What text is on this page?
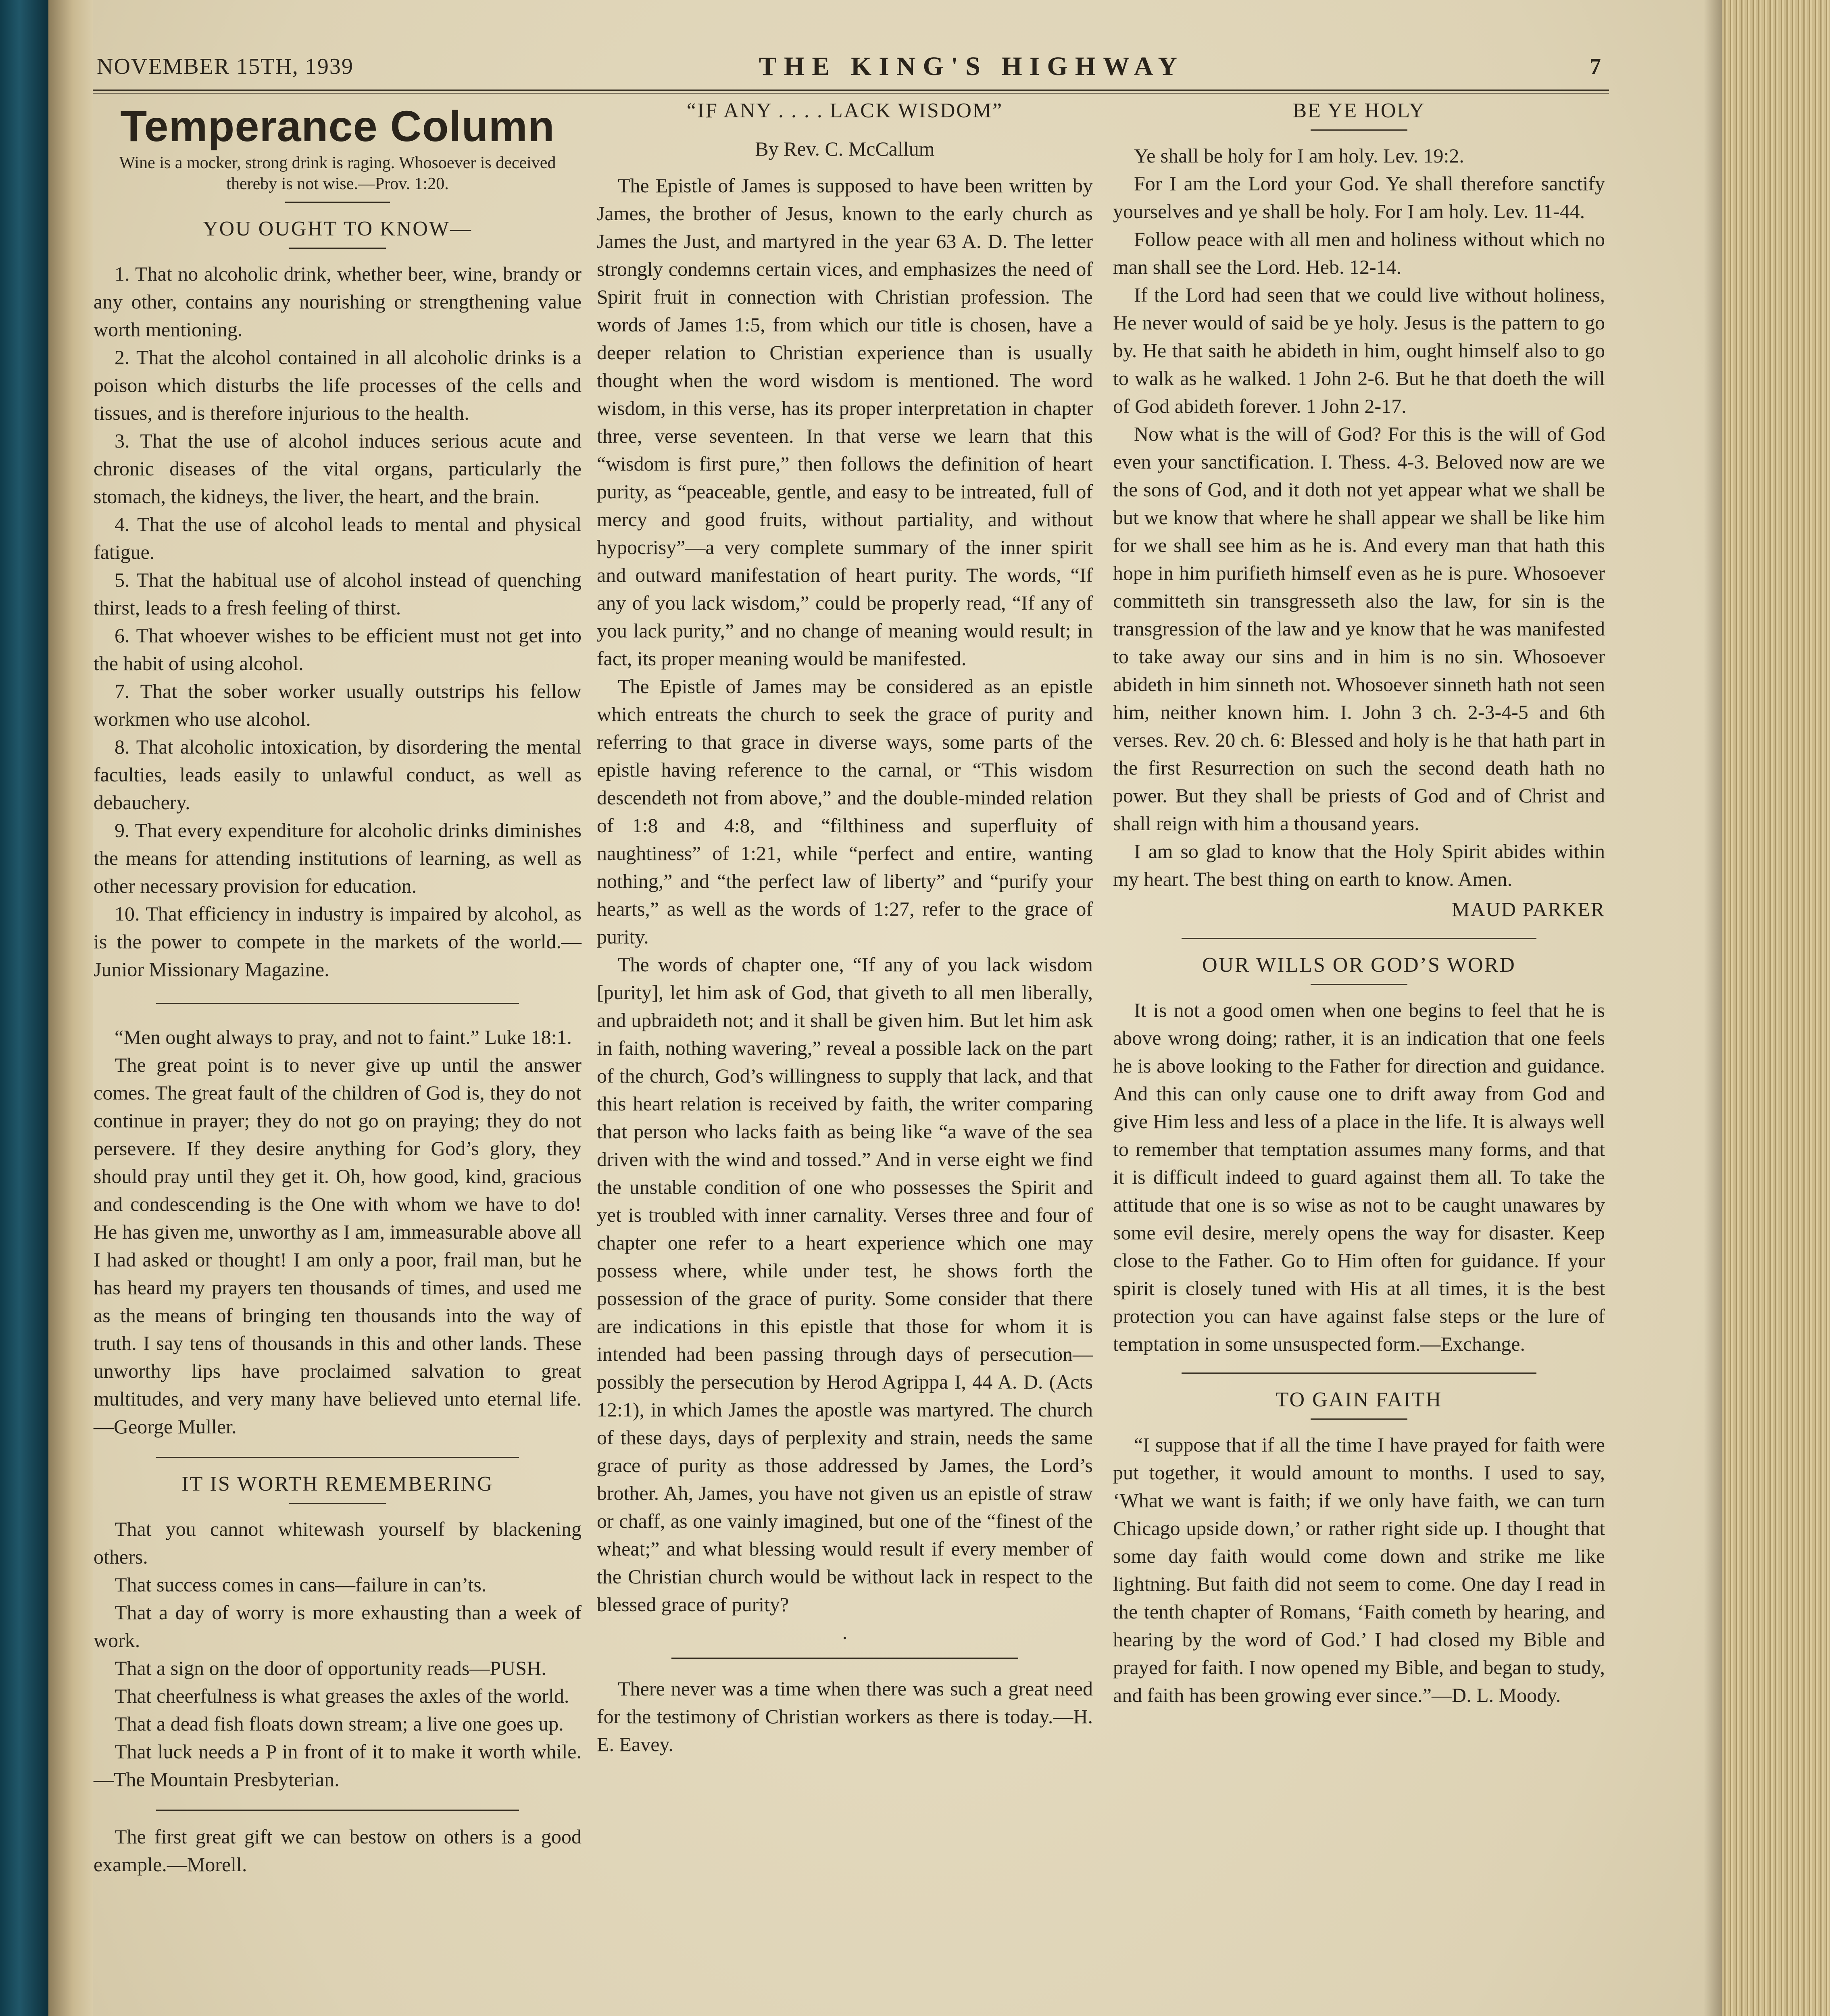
NOVEMBER 15TH, 1939	THE KING'S HIGHWAY	7
Temperance Column
Wine is a mocker, strong drink is raging. Whosoever is deceived thereby is not wise.—Prov. 1:20.
YOU OUGHT TO KNOW—

1. That no alcoholic drink, whether beer, wine, brandy or any other, contains any nourishing or strengthening value worth mentioning.

2. That the alcohol contained in all alcoholic drinks is a poison which disturbs the life processes of the cells and tissues, and is therefore injurious to the health.

3. That the use of alcohol induces serious acute and chronic diseases of the vital organs, particularly the stomach, the kidneys, the liver, the heart, and the brain.

4. That the use of alcohol leads to mental and physical fatigue.

5. That the habitual use of alcohol instead of quenching thirst, leads to a fresh feeling of thirst.

6. That whoever wishes to be efficient must not get into the habit of using alcohol.

7. That the sober worker usually outstrips his fellow workmen who use alcohol.

8. That alcoholic intoxication, by disordering the mental faculties, leads easily to unlawful conduct, as well as debauchery.

9. That every expenditure for alcoholic drinks diminishes the means for attending institutions of learning, as well as other necessary provision for education.

10. That efficiency in industry is impaired by alcohol, as is the power to compete in the markets of the world.—Junior Missionary Magazine.

“Men ought always to pray, and not to faint.” Luke 18:1.

The great point is to never give up until the answer comes. The great fault of the children of God is, they do not continue in prayer; they do not go on praying; they do not persevere. If they desire anything for God’s glory, they should pray until they get it. Oh, how good, kind, gracious and condescending is the One with whom we have to do! He has given me, unworthy as I am, immeasurable above all I had asked or thought! I am only a poor, frail man, but he has heard my prayers ten thousands of times, and used me as the means of bringing ten thousands into the way of truth. I say tens of thousands in this and other lands. These unworthy lips have proclaimed salvation to great multitudes, and very many have believed unto eternal life.—George Muller.

IT IS WORTH REMEMBERING

That you cannot whitewash yourself by blackening others.

That success comes in cans—failure in can’ts.

That a day of worry is more exhausting than a week of work.

That a sign on the door of opportunity reads—PUSH.

That cheerfulness is what greases the axles of the world.

That a dead fish floats down stream; a live one goes up.

That luck needs a P in front of it to make it worth while.—The Mountain Presbyterian.

The first great gift we can bestow on others is a good example.—Morell.

“IF ANY . . . . LACK WISDOM”
By Rev. C. McCallum

The Epistle of James is supposed to have been written by James, the brother of Jesus, known to the early church as James the Just, and martyred in the year 63 A. D. The letter strongly condemns certain vices, and emphasizes the need of Spirit fruit in connection with Christian profession. The words of James 1:5, from which our title is chosen, have a deeper relation to Christian experience than is usually thought when the word wisdom is mentioned. The word wisdom, in this verse, has its proper interpretation in chapter three, verse seventeen. In that verse we learn that this “wisdom is first pure,” then follows the definition of heart purity, as “peaceable, gentle, and easy to be intreated, full of mercy and good fruits, without partiality, and without hypocrisy”—a very complete summary of the inner spirit and outward manifestation of heart purity. The words, “If any of you lack wisdom,” could be properly read, “If any of you lack purity,” and no change of meaning would result; in fact, its proper meaning would be manifested.

The Epistle of James may be considered as an epistle which entreats the church to seek the grace of purity and referring to that grace in diverse ways, some parts of the epistle having reference to the carnal, or “This wisdom descendeth not from above,” and the double-minded relation of 1:8 and 4:8, and “filthiness and superfluity of naughtiness” of 1:21, while “perfect and entire, wanting nothing,” and “the perfect law of liberty” and “purify your hearts,” as well as the words of 1:27, refer to the grace of purity.

The words of chapter one, “If any of you lack wisdom [purity], let him ask of God, that giveth to all men liberally, and upbraideth not; and it shall be given him. But let him ask in faith, nothing wavering,” reveal a possible lack on the part of the church, God’s willingness to supply that lack, and that this heart relation is received by faith, the writer comparing that person who lacks faith as being like “a wave of the sea driven with the wind and tossed.” And in verse eight we find the unstable condition of one who possesses the Spirit and yet is troubled with inner carnality. Verses three and four of chapter one refer to a heart experience which one may possess where, while under test, he shows forth the possession of the grace of purity. Some consider that there are indications in this epistle that those for whom it is intended had been passing through days of persecution—possibly the persecution by Herod Agrippa I, 44 A. D. (Acts 12:1), in which James the apostle was martyred. The church of these days, days of perplexity and strain, needs the same grace of purity as those addressed by James, the Lord’s brother. Ah, James, you have not given us an epistle of straw or chaff, as one vainly imagined, but one of the “finest of the wheat;” and what blessing would result if every member of the Christian church would be without lack in respect to the blessed grace of purity?

.

There never was a time when there was such a great need for the testimony of Christian workers as there is today.—H. E. Eavey.

BE YE HOLY

Ye shall be holy for I am holy. Lev. 19:2.

For I am the Lord your God. Ye shall therefore sanctify yourselves and ye shall be holy. For I am holy. Lev. 11-44.

Follow peace with all men and holiness without which no man shall see the Lord. Heb. 12-14.

If the Lord had seen that we could live without holiness, He never would of said be ye holy. Jesus is the pattern to go by. He that saith he abideth in him, ought himself also to go to walk as he walked. 1 John 2-6. But he that doeth the will of God abideth forever. 1 John 2-17.

Now what is the will of God? For this is the will of God even your sanctification. I. Thess. 4-3. Beloved now are we the sons of God, and it doth not yet appear what we shall be but we know that where he shall appear we shall be like him for we shall see him as he is. And every man that hath this hope in him purifieth himself even as he is pure. Whosoever committeth sin transgresseth also the law, for sin is the transgression of the law and ye know that he was manifested to take away our sins and in him is no sin. Whosoever abideth in him sinneth not. Whosoever sinneth hath not seen him, neither known him. I. John 3 ch. 2-3-4-5 and 6th verses. Rev. 20 ch. 6: Blessed and holy is he that hath part in the first Resurrection on such the second death hath no power. But they shall be priests of God and of Christ and shall reign with him a thousand years.

I am so glad to know that the Holy Spirit abides within my heart. The best thing on earth to know. Amen.

MAUD PARKER
OUR WILLS OR GOD’S WORD

It is not a good omen when one begins to feel that he is above wrong doing; rather, it is an indication that one feels he is above looking to the Father for direction and guidance. And this can only cause one to drift away from God and give Him less and less of a place in the life. It is always well to remember that temptation assumes many forms, and that it is difficult indeed to guard against them all. To take the attitude that one is so wise as not to be caught unawares by some evil desire, merely opens the way for disaster. Keep close to the Father. Go to Him often for guidance. If your spirit is closely tuned with His at all times, it is the best protection you can have against false steps or the lure of temptation in some unsuspected form.—Exchange.

TO GAIN FAITH

“I suppose that if all the time I have prayed for faith were put together, it would amount to months. I used to say, ‘What we want is faith; if we only have faith, we can turn Chicago upside down,’ or rather right side up. I thought that some day faith would come down and strike me like lightning. But faith did not seem to come. One day I read in the tenth chapter of Romans, ‘Faith cometh by hearing, and hearing by the word of God.’ I had closed my Bible and prayed for faith. I now opened my Bible, and began to study, and faith has been growing ever since.”—D. L. Moody.
